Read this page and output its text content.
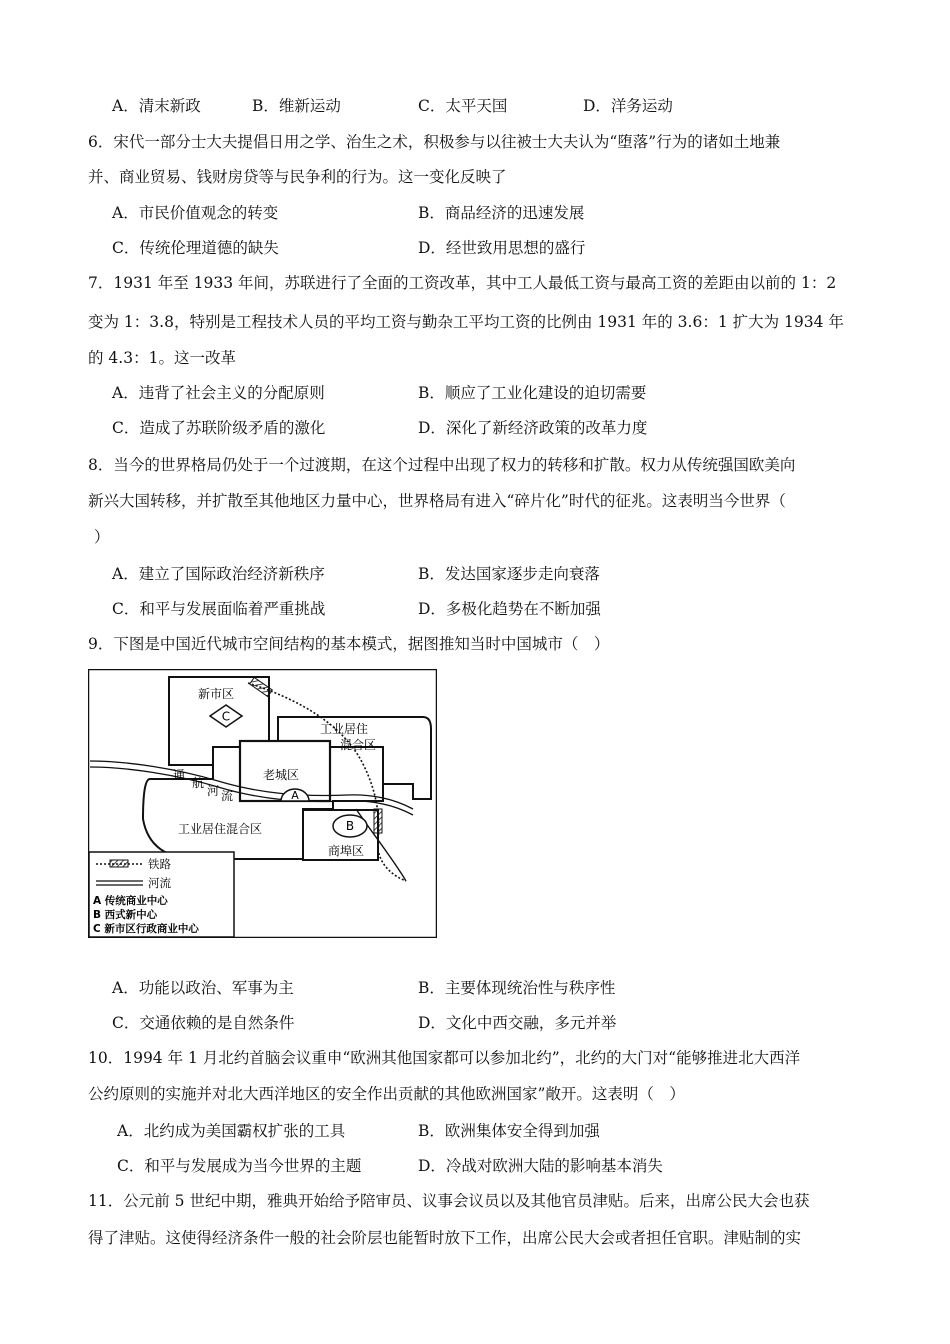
A．清末新政	B．维新运动	C．太平天国	D．洋务运动
6．宋代一部分士大夫提倡日用之学、治生之术，积极参与以往被士大夫认为“堕落”行为的诸如土地兼
并、商业贸易、钱财房贷等与民争利的行为。这一变化反映了
A．市民价值观念的转变	B．商品经济的迅速发展
C．传统伦理道德的缺失	D．经世致用思想的盛行
7．1931 年至 1933 年间，苏联进行了全面的工资改革，其中工人最低工资与最高工资的差距由以前的 1：2
变为 1：3.8，特别是工程技术人员的平均工资与勤杂工平均工资的比例由 1931 年的 3.6：1 扩大为 1934 年
的 4.3：1。这一改革
A．违背了社会主义的分配原则	B．顺应了工业化建设的迫切需要
C．造成了苏联阶级矛盾的激化	D．深化了新经济政策的改革力度
8．当今的世界格局仍处于一个过渡期，在这个过程中出现了权力的转移和扩散。权力从传统强国欧美向
新兴大国转移，并扩散至其他地区力量中心，世界格局有进入“碎片化”时代的征兆。这表明当今世界（
）
A．建立了国际政治经济新秩序	B．发达国家逐步走向衰落
C．和平与发展面临着严重挑战	D．多极化趋势在不断加强
9．下图是中国近代城市空间结构的基本模式，据图推知当时中国城市（　）
C
A
B
新市区
工业居住
混合区
老城区
通
航
河 流
工业居住混合区
商埠区
铁路
河流
A 传统商业中心
B 西式新中心
C 新市区行政商业中心
A．功能以政治、军事为主	B．主要体现统治性与秩序性
C．交通依赖的是自然条件	D．文化中西交融，多元并举
10．1994 年 1 月北约首脑会议重申“欧洲其他国家都可以参加北约”，北约的大门对“能够推进北大西洋
公约原则的实施并对北大西洋地区的安全作出贡献的其他欧洲国家”敞开。这表明（　）
A．北约成为美国霸权扩张的工具	B．欧洲集体安全得到加强
C．和平与发展成为当今世界的主题	D．冷战对欧洲大陆的影响基本消失
11．公元前 5 世纪中期，雅典开始给予陪审员、议事会议员以及其他官员津贴。后来，出席公民大会也获
得了津贴。这使得经济条件一般的社会阶层也能暂时放下工作，出席公民大会或者担任官职。津贴制的实
